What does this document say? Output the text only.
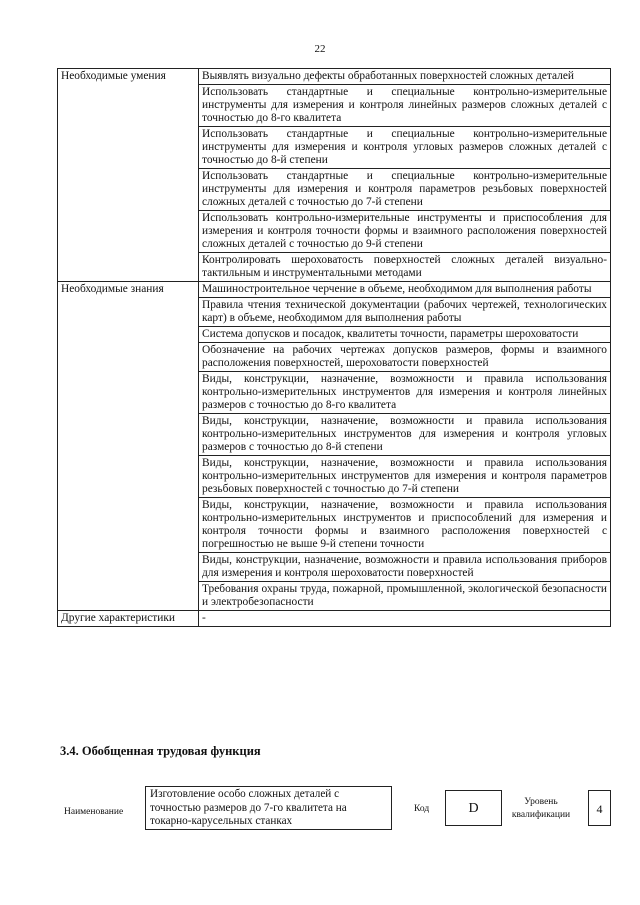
22
Необходимые умения	Выявлять визуально дефекты обработанных поверхностей сложных деталей
	Использовать стандартные и специальные контрольно-измерительные инструменты для измерения и контроля линейных размеров сложных деталей с точностью до 8-го квалитета
	Использовать стандартные и специальные контрольно-измерительные инструменты для измерения и контроля угловых размеров сложных деталей с точностью до 8-й степени
	Использовать стандартные и специальные контрольно-измерительные инструменты для измерения и контроля параметров резьбовых поверхностей сложных деталей с точностью до 7-й степени
	Использовать контрольно-измерительные инструменты и приспособления для измерения и контроля точности формы и взаимного расположения поверхностей сложных деталей с точностью до 9-й степени
	Контролировать шероховатость поверхностей сложных деталей визуально-тактильным и инструментальными методами
Необходимые знания	Машиностроительное черчение в объеме, необходимом для выполнения работы
	Правила чтения технической документации (рабочих чертежей, технологических карт) в объеме, необходимом для выполнения работы
	Система допусков и посадок, квалитеты точности, параметры шероховатости
	Обозначение на рабочих чертежах допусков размеров, формы и взаимного расположения поверхностей, шероховатости поверхностей
	Виды, конструкции, назначение, возможности и правила использования контрольно-измерительных инструментов для измерения и контроля линейных размеров с точностью до 8-го квалитета
	Виды, конструкции, назначение, возможности и правила использования контрольно-измерительных инструментов для измерения и контроля угловых размеров с точностью до 8-й степени
	Виды, конструкции, назначение, возможности и правила использования контрольно-измерительных инструментов для измерения и контроля параметров резьбовых поверхностей с точностью до 7-й степени
	Виды, конструкции, назначение, возможности и правила использования контрольно-измерительных инструментов и приспособлений для измерения и контроля точности формы и взаимного расположения поверхностей с погрешностью не выше 9-й степени точности
	Виды, конструкции, назначение, возможности и правила использования приборов для измерения и контроля шероховатости поверхностей
	Требования охраны труда, пожарной, промышленной, экологической безопасности и электробезопасности
Другие характеристики	-
3.4. Обобщенная трудовая функция
Наименование
Изготовление особо сложных деталей с точностью размеров до 7-го квалитета на токарно-карусельных станках
Код	D	Уровень квалификации	4
